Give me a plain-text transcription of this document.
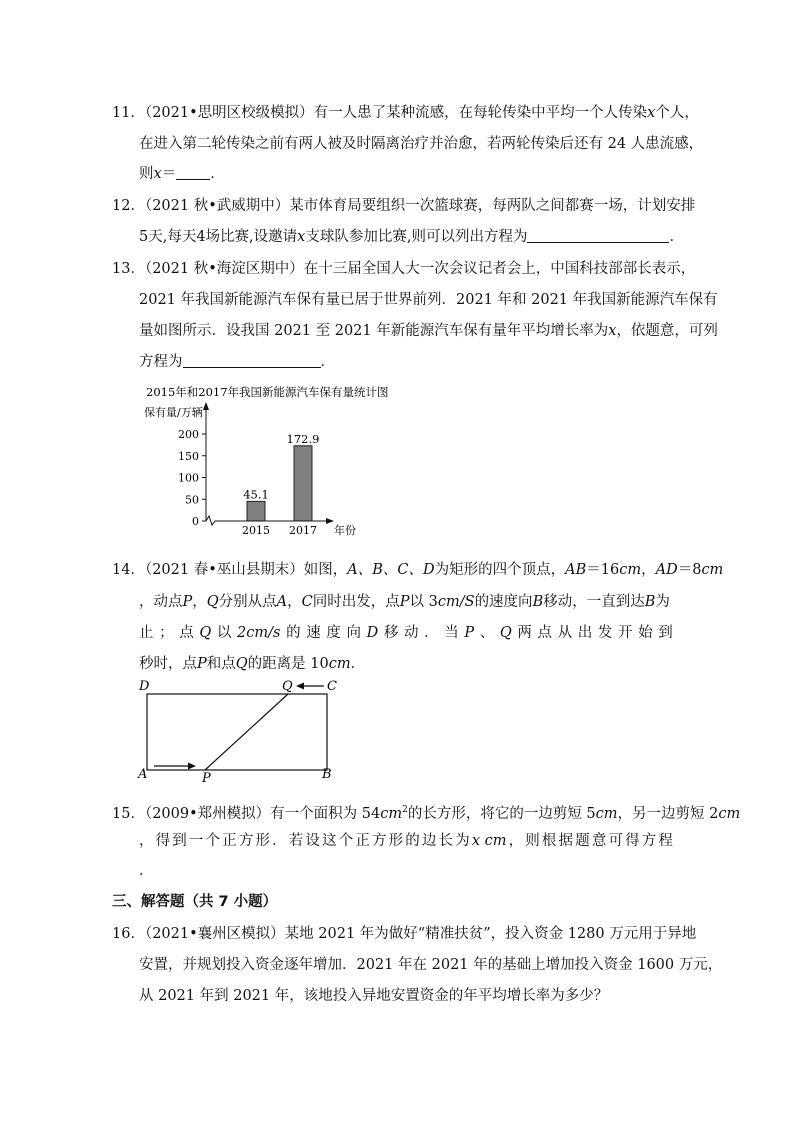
11．（2021•思明区校级模拟）有一人患了某种流感，在每轮传染中平均一个人传染x个人，
在进入第二轮传染之前有两人被及时隔离治疗并治愈，若两轮传染后还有 24 人患流感，
则x＝ ．
12．（2021 秋•武威期中）某市体育局要组织一次篮球赛，每两队之间都赛一场，计划安排
5天,每天4场比赛,设邀请x支球队参加比赛,则可以列出方程为	．
13．（2021 秋•海淀区期中）在十三届全国人大一次会议记者会上，中国科技部部长表示，
2021 年我国新能源汽车保有量已居于世界前列．2021 年和 2021 年我国新能源汽车保有
量如图所示．设我国 2021 至 2021 年新能源汽车保有量年平均增长率为x，依题意，可列
方程为	．
2015年和2017年我国新能源汽车保有量统计图
保有量/万辆
0
50
100
150
200
45.1
2015
172.9
2017 年份
14．（2021 春•巫山县期末）如图，A、B、C、D为矩形的四个顶点，AB＝16cm，AD＝8cm
，动点P，Q分别从点A，C同时出发，点P以 3cm/S的速度向B移动，一直到达B为
止 ； 点 Q 以 2cm/s 的 速 度 向 D 移 动 ． 当 P 、 Q 两 点 从 出 发 开 始 到
秒时，点P和点Q的距离是 10cm．
D	Q	C
A	P	B
15．（2009•郑州模拟）有一个面积为 $54cm^2$的长方形，将它的一边剪短 5cm，另一边剪短 2cm
， 得 到 一 个 正 方 形 ． 若 设 这 个 正 方 形 的 边 长 为 x cm ， 则 根 据 题 意 可 得 方 程
．
三、解答题（共 7 小题）
16．（2021•襄州区模拟）某地 2021 年为做好“精准扶贫”，投入资金 1280 万元用于异地
安置，并规划投入资金逐年增加．2021 年在 2021 年的基础上增加投入资金 1600 万元，
从 2021 年到 2021 年，该地投入异地安置资金的年平均增长率为多少？
